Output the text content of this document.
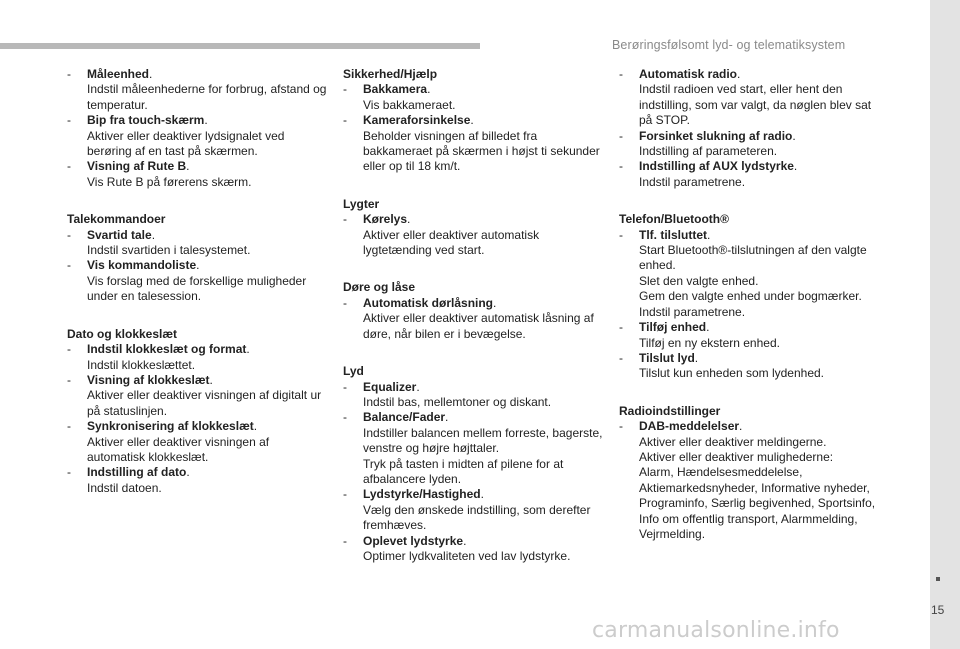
Berøringsfølsomt lyd- og telematiksystem
- Måleenhed.
Indstil måleenhederne for forbrug, afstand og temperatur.
- Bip fra touch-skærm.
Aktiver eller deaktiver lydsignalet ved berøring af en tast på skærmen.
- Visning af Rute B.
Vis Rute B på førerens skærm.
Talekommandoer
- Svartid tale.
Indstil svartiden i talesystemet.
- Vis kommandoliste.
Vis forslag med de forskellige muligheder under en talesession.
Dato og klokkeslæt
- Indstil klokkeslæt og format.
Indstil klokkeslættet.
- Visning af klokkeslæt.
Aktiver eller deaktiver visningen af digitalt ur på statuslinjen.
- Synkronisering af klokkeslæt.
Aktiver eller deaktiver visningen af automatisk klokkeslæt.
- Indstilling af dato.
Indstil datoen.
Sikkerhed/Hjælp
- Bakkamera.
Vis bakkameraet.
- Kameraforsinkelse.
Beholder visningen af billedet fra bakkameraet på skærmen i højst ti sekunder eller op til 18 km/t.
Lygter
- Kørelys.
Aktiver eller deaktiver automatisk lygtetænding ved start.
Døre og låse
- Automatisk dørlåsning.
Aktiver eller deaktiver automatisk låsning af døre, når bilen er i bevægelse.
Lyd
- Equalizer.
Indstil bas, mellemtoner og diskant.
- Balance/Fader.
Indstiller balancen mellem forreste, bagerste, venstre og højre højttaler.
Tryk på tasten i midten af pilene for at afbalancere lyden.
- Lydstyrke/Hastighed.
Vælg den ønskede indstilling, som derefter fremhæves.
- Oplevet lydstyrke.
Optimer lydkvaliteten ved lav lydstyrke.
- Automatisk radio.
Indstil radioen ved start, eller hent den indstilling, som var valgt, da nøglen blev sat på STOP.
- Forsinket slukning af radio.
Indstilling af parameteren.
- Indstilling af AUX lydstyrke.
Indstil parametrene.
Telefon/Bluetooth®
- Tlf. tilsluttet.
Start Bluetooth®-tilslutningen af den valgte enhed.
Slet den valgte enhed.
Gem den valgte enhed under bogmærker.
Indstil parametrene.
- Tilføj enhed.
Tilføj en ny ekstern enhed.
- Tilslut lyd.
Tilslut kun enheden som lydenhed.
Radioindstillinger
- DAB-meddelelser.
Aktiver eller deaktiver meldingerne.
Aktiver eller deaktiver mulighederne:
Alarm, Hændelsesmeddelelse, Aktiemarkedsnyheder, Informative nyheder, Programinfo, Særlig begivenhed, Sportsinfo, Info om offentlig transport, Alarmmelding, Vejrmelding.
15
carmanualsonline.info
